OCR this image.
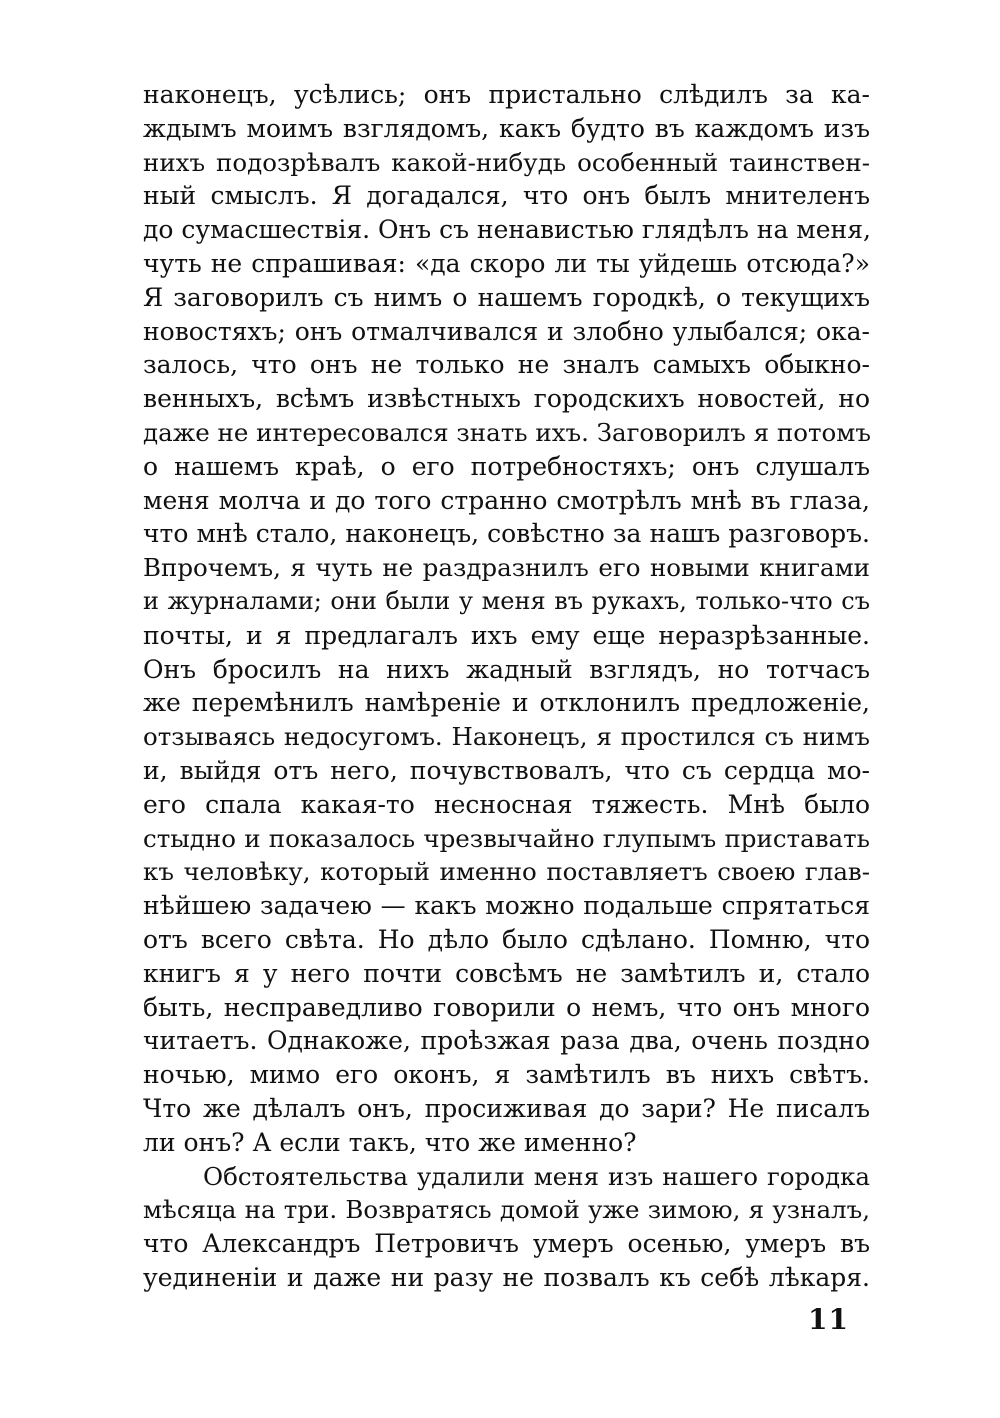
наконецъ, усѣлись; онъ пристально слѣдилъ за ка-
ждымъ моимъ взглядомъ, какъ будто въ каждомъ изъ
нихъ подозрѣвалъ какой-нибудь особенный таинствен-
ный смыслъ. Я догадался, что онъ былъ мнителенъ
до сумасшествія. Онъ съ ненавистью глядѣлъ на меня,
чуть не спрашивая: «да скоро ли ты уйдешь отсюда?»
Я заговорилъ съ нимъ о нашемъ городкѣ, о текущихъ
новостяхъ; онъ отмалчивался и злобно улыбался; ока-
залось, что онъ не только не зналъ самыхъ обыкно-
венныхъ, всѣмъ извѣстныхъ городскихъ новостей, но
даже не интересовался знать ихъ. Заговорилъ я потомъ
о нашемъ краѣ, о его потребностяхъ; онъ слушалъ
меня молча и до того странно смотрѣлъ мнѣ въ глаза,
что мнѣ стало, наконецъ, совѣстно за нашъ разговоръ.
Впрочемъ, я чуть не раздразнилъ его новыми книгами
и журналами; они были у меня въ рукахъ, только-что съ
почты, и я предлагалъ ихъ ему еще неразрѣзанные.
Онъ бросилъ на нихъ жадный взглядъ, но тотчасъ
же перемѣнилъ намѣреніе и отклонилъ предложеніе,
отзываясь недосугомъ. Наконецъ, я простился съ нимъ
и, выйдя отъ него, почувствовалъ, что съ сердца мо-
его спала какая-то несносная тяжесть. Мнѣ было
стыдно и показалось чрезвычайно глупымъ приставать
къ человѣку, который именно поставляетъ своею глав-
нѣйшею задачею — какъ можно подальше спрятаться
отъ всего свѣта. Но дѣло было сдѣлано. Помню, что
книгъ я у него почти совсѣмъ не замѣтилъ и, стало
быть, несправедливо говорили о немъ, что онъ много
читаетъ. Однакоже, проѣзжая раза два, очень поздно
ночью, мимо его оконъ, я замѣтилъ въ нихъ свѣтъ.
Что же дѣлалъ онъ, просиживая до зари? Не писалъ
ли онъ? А если такъ, что же именно?
Обстоятельства удалили меня изъ нашего городка
мѣсяца на три. Возвратясь домой уже зимою, я узналъ,
что Александръ Петровичъ умеръ осенью, умеръ въ
уединеніи и даже ни разу не позвалъ къ себѣ лѣкаря.
11
